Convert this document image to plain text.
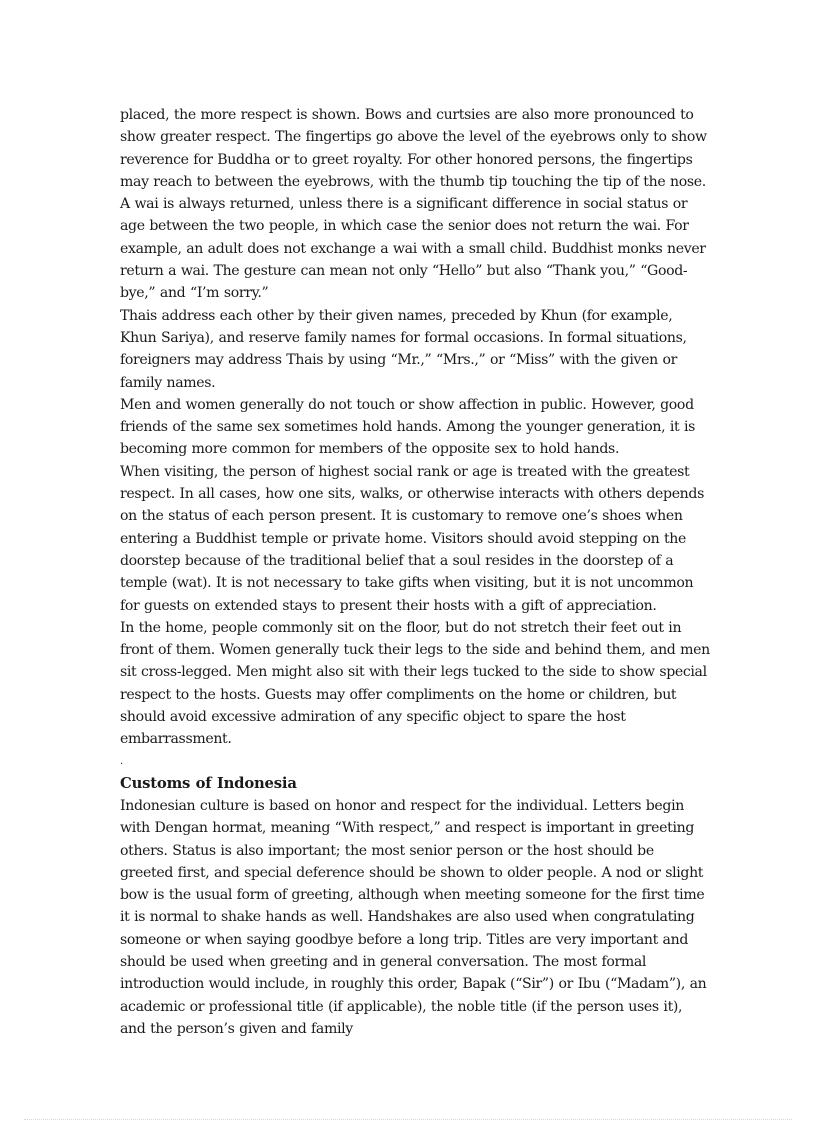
placed, the more respect is shown. Bows and curtsies are also more pronounced to show greater respect. The fingertips go above the level of the eyebrows only to show reverence for Buddha or to greet royalty. For other honored persons, the fingertips may reach to between the eyebrows, with the thumb tip touching the tip of the nose. A wai is always returned, unless there is a significant difference in social status or age between the two people, in which case the senior does not return the wai. For example, an adult does not exchange a wai with a small child. Buddhist monks never return a wai. The gesture can mean not only “Hello” but also “Thank you,” “Good-bye,” and “I’m sorry.”

Thais address each other by their given names, preceded by Khun (for example, Khun Sariya), and reserve family names for formal occasions. In formal situations, foreigners may address Thais by using “Mr.,” “Mrs.,” or “Miss” with the given or family names.

Men and women generally do not touch or show affection in public. However, good friends of the same sex sometimes hold hands. Among the younger generation, it is becoming more common for members of the opposite sex to hold hands.

When visiting, the person of highest social rank or age is treated with the greatest respect. In all cases, how one sits, walks, or otherwise interacts with others depends on the status of each person present. It is customary to remove one’s shoes when entering a Buddhist temple or private home. Visitors should avoid stepping on the doorstep because of the traditional belief that a soul resides in the doorstep of a temple (wat). It is not necessary to take gifts when visiting, but it is not uncommon for guests on extended stays to present their hosts with a gift of appreciation.

In the home, people commonly sit on the floor, but do not stretch their feet out in front of them. Women generally tuck their legs to the side and behind them, and men sit cross-legged. Men might also sit with their legs tucked to the side to show special respect to the hosts. Guests may offer compliments on the home or children, but should avoid excessive admiration of any specific object to spare the host embarrassment.

.

Customs of Indonesia

Indonesian culture is based on honor and respect for the individual. Letters begin with Dengan hormat, meaning “With respect,” and respect is important in greeting others. Status is also important; the most senior person or the host should be greeted first, and special deference should be shown to older people. A nod or slight bow is the usual form of greeting, although when meeting someone for the first time it is normal to shake hands as well. Handshakes are also used when congratulating someone or when saying goodbye before a long trip. Titles are very important and should be used when greeting and in general conversation. The most formal introduction would include, in roughly this order, Bapak (“Sir”) or Ibu (“Madam”), an academic or professional title (if applicable), the noble title (if the person uses it), and the person’s given and family
